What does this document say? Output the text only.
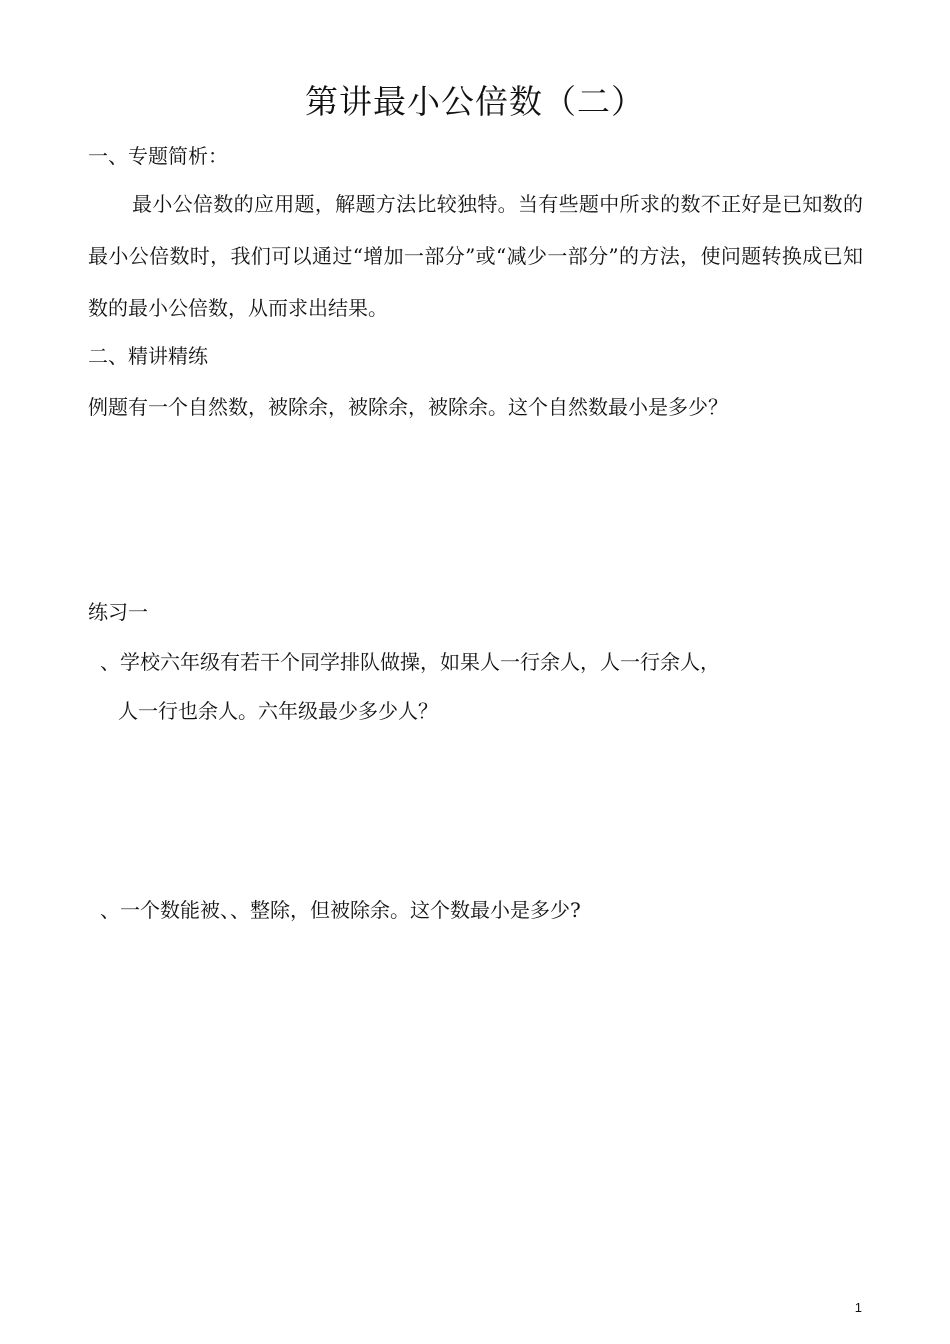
第讲最小公倍数（二）
一、专题简析：
最小公倍数的应用题，解题方法比较独特。当有些题中所求的数不正好是已知数的最小公倍数时，我们可以通过“增加一部分”或“减少一部分”的方法，使问题转换成已知数的最小公倍数，从而求出结果。
二、精讲精练
例题有一个自然数，被除余，被除余，被除余。这个自然数最小是多少？
练习一
、学校六年级有若干个同学排队做操，如果人一行余人，人一行余人，
人一行也余人。六年级最少多少人？
、一个数能被、、整除，但被除余。这个数最小是多少?
1
